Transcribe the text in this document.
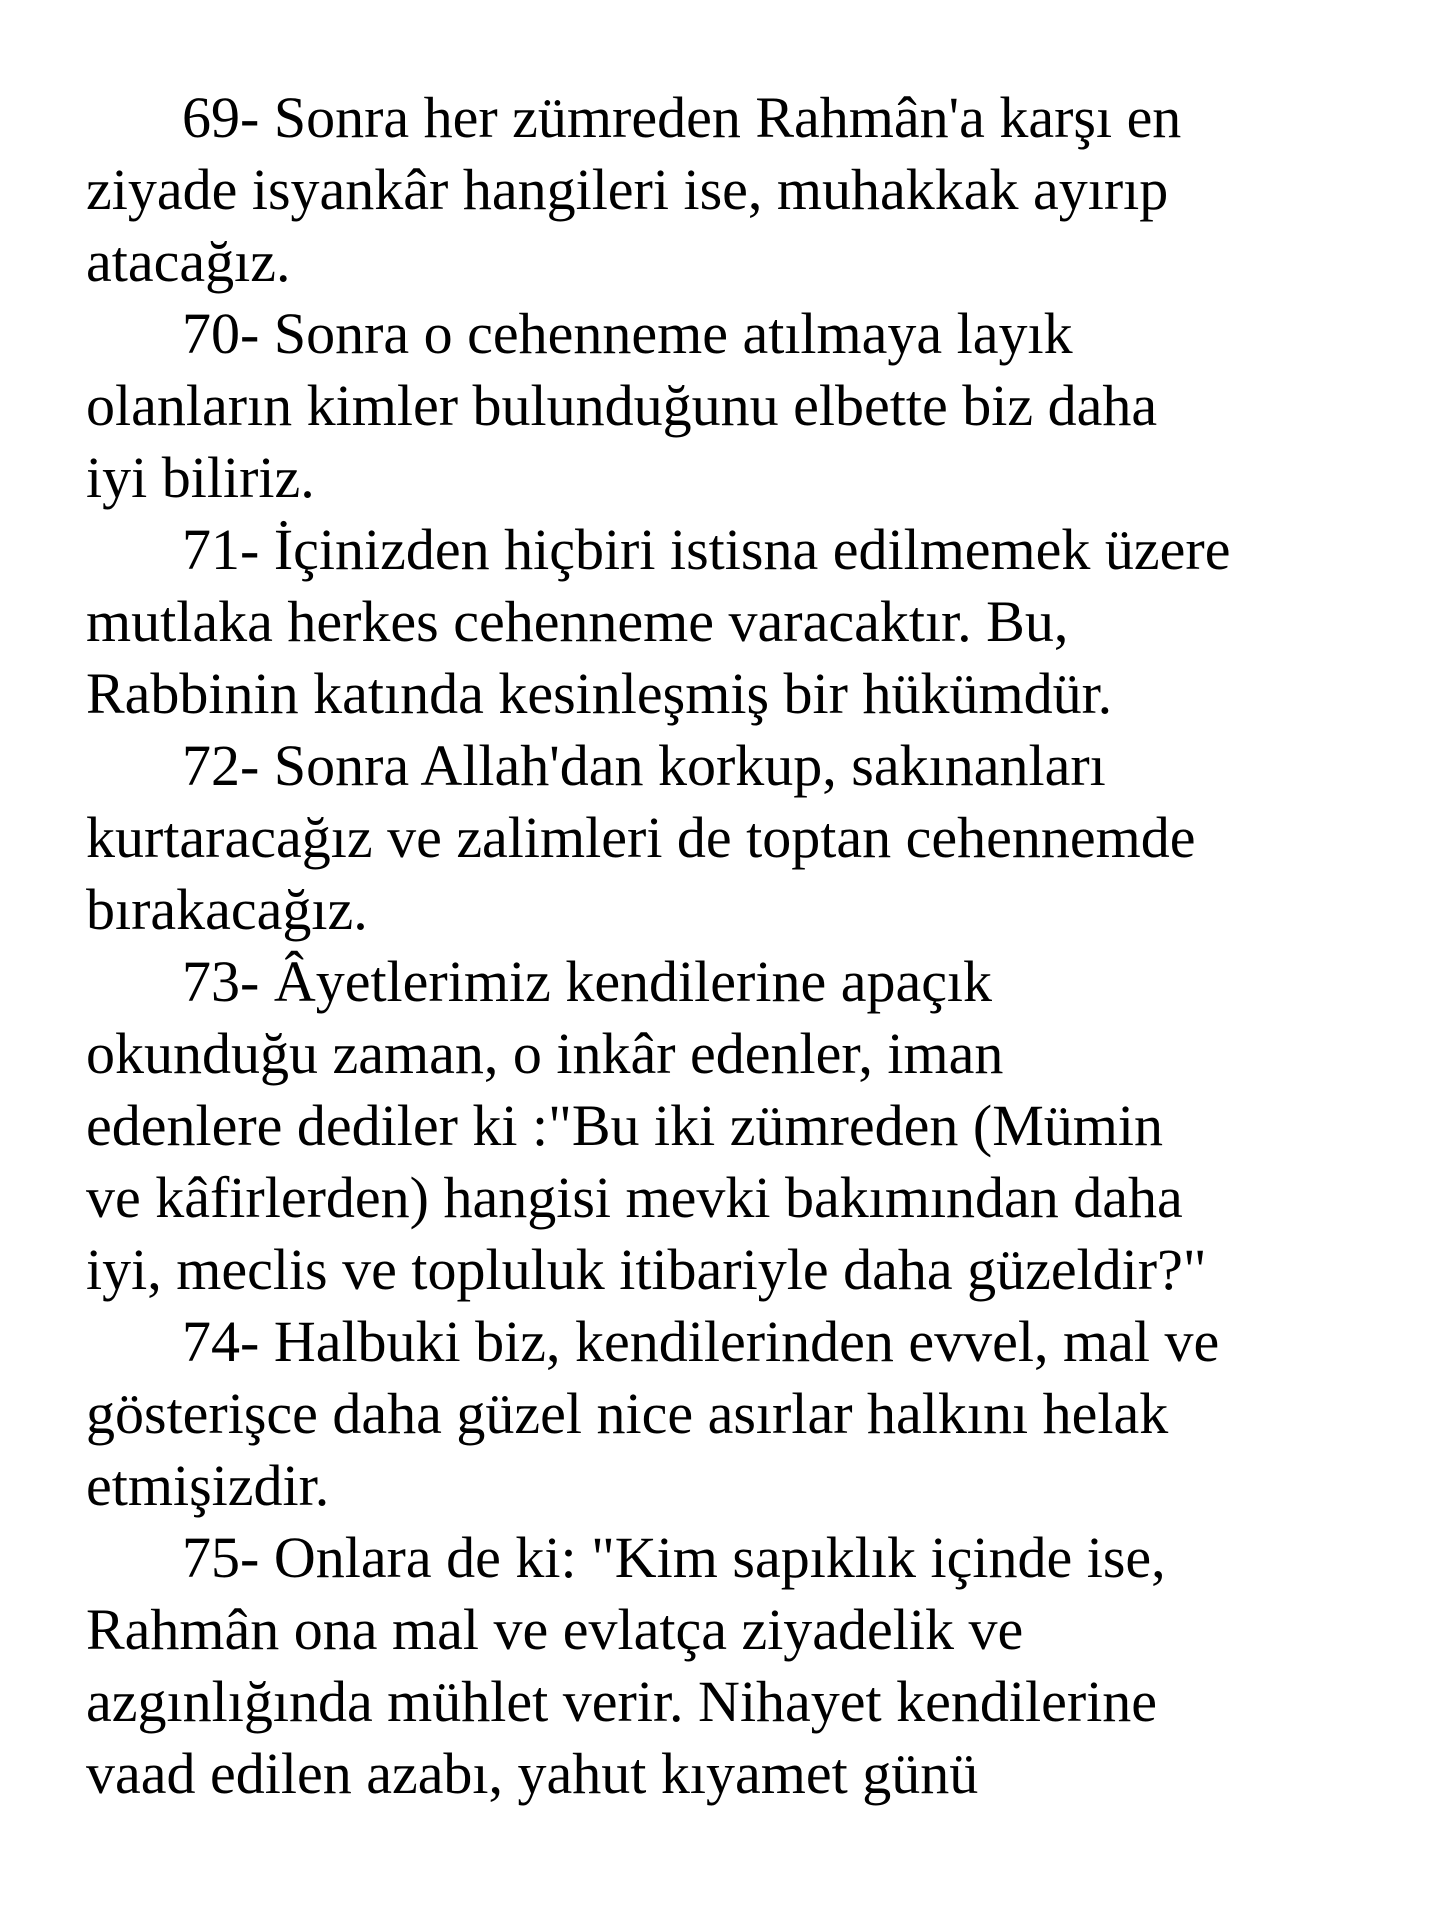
69- Sonra her zümreden Rahmân'a karşı en
ziyade isyankâr hangileri ise, muhakkak ayırıp
atacağız.

70- Sonra o cehenneme atılmaya layık
olanların kimler bulunduğunu elbette biz daha
iyi biliriz.

71- İçinizden hiçbiri istisna edilmemek üzere
mutlaka herkes cehenneme varacaktır. Bu,
Rabbinin katında kesinleşmiş bir hükümdür.

72- Sonra Allah'dan korkup, sakınanları
kurtaracağız ve zalimleri de toptan cehennemde
bırakacağız.

73- Âyetlerimiz kendilerine apaçık
okunduğu zaman, o inkâr edenler, iman
edenlere dediler ki :"Bu iki zümreden (Mümin
ve kâfirlerden) hangisi mevki bakımından daha
iyi, meclis ve topluluk itibariyle daha güzeldir?"

74- Halbuki biz, kendilerinden evvel, mal ve
gösterişce daha güzel nice asırlar halkını helak
etmişizdir.

75- Onlara de ki: "Kim sapıklık içinde ise,
Rahmân ona mal ve evlatça ziyadelik ve
azgınlığında mühlet verir. Nihayet kendilerine
vaad edilen azabı, yahut kıyamet günü
